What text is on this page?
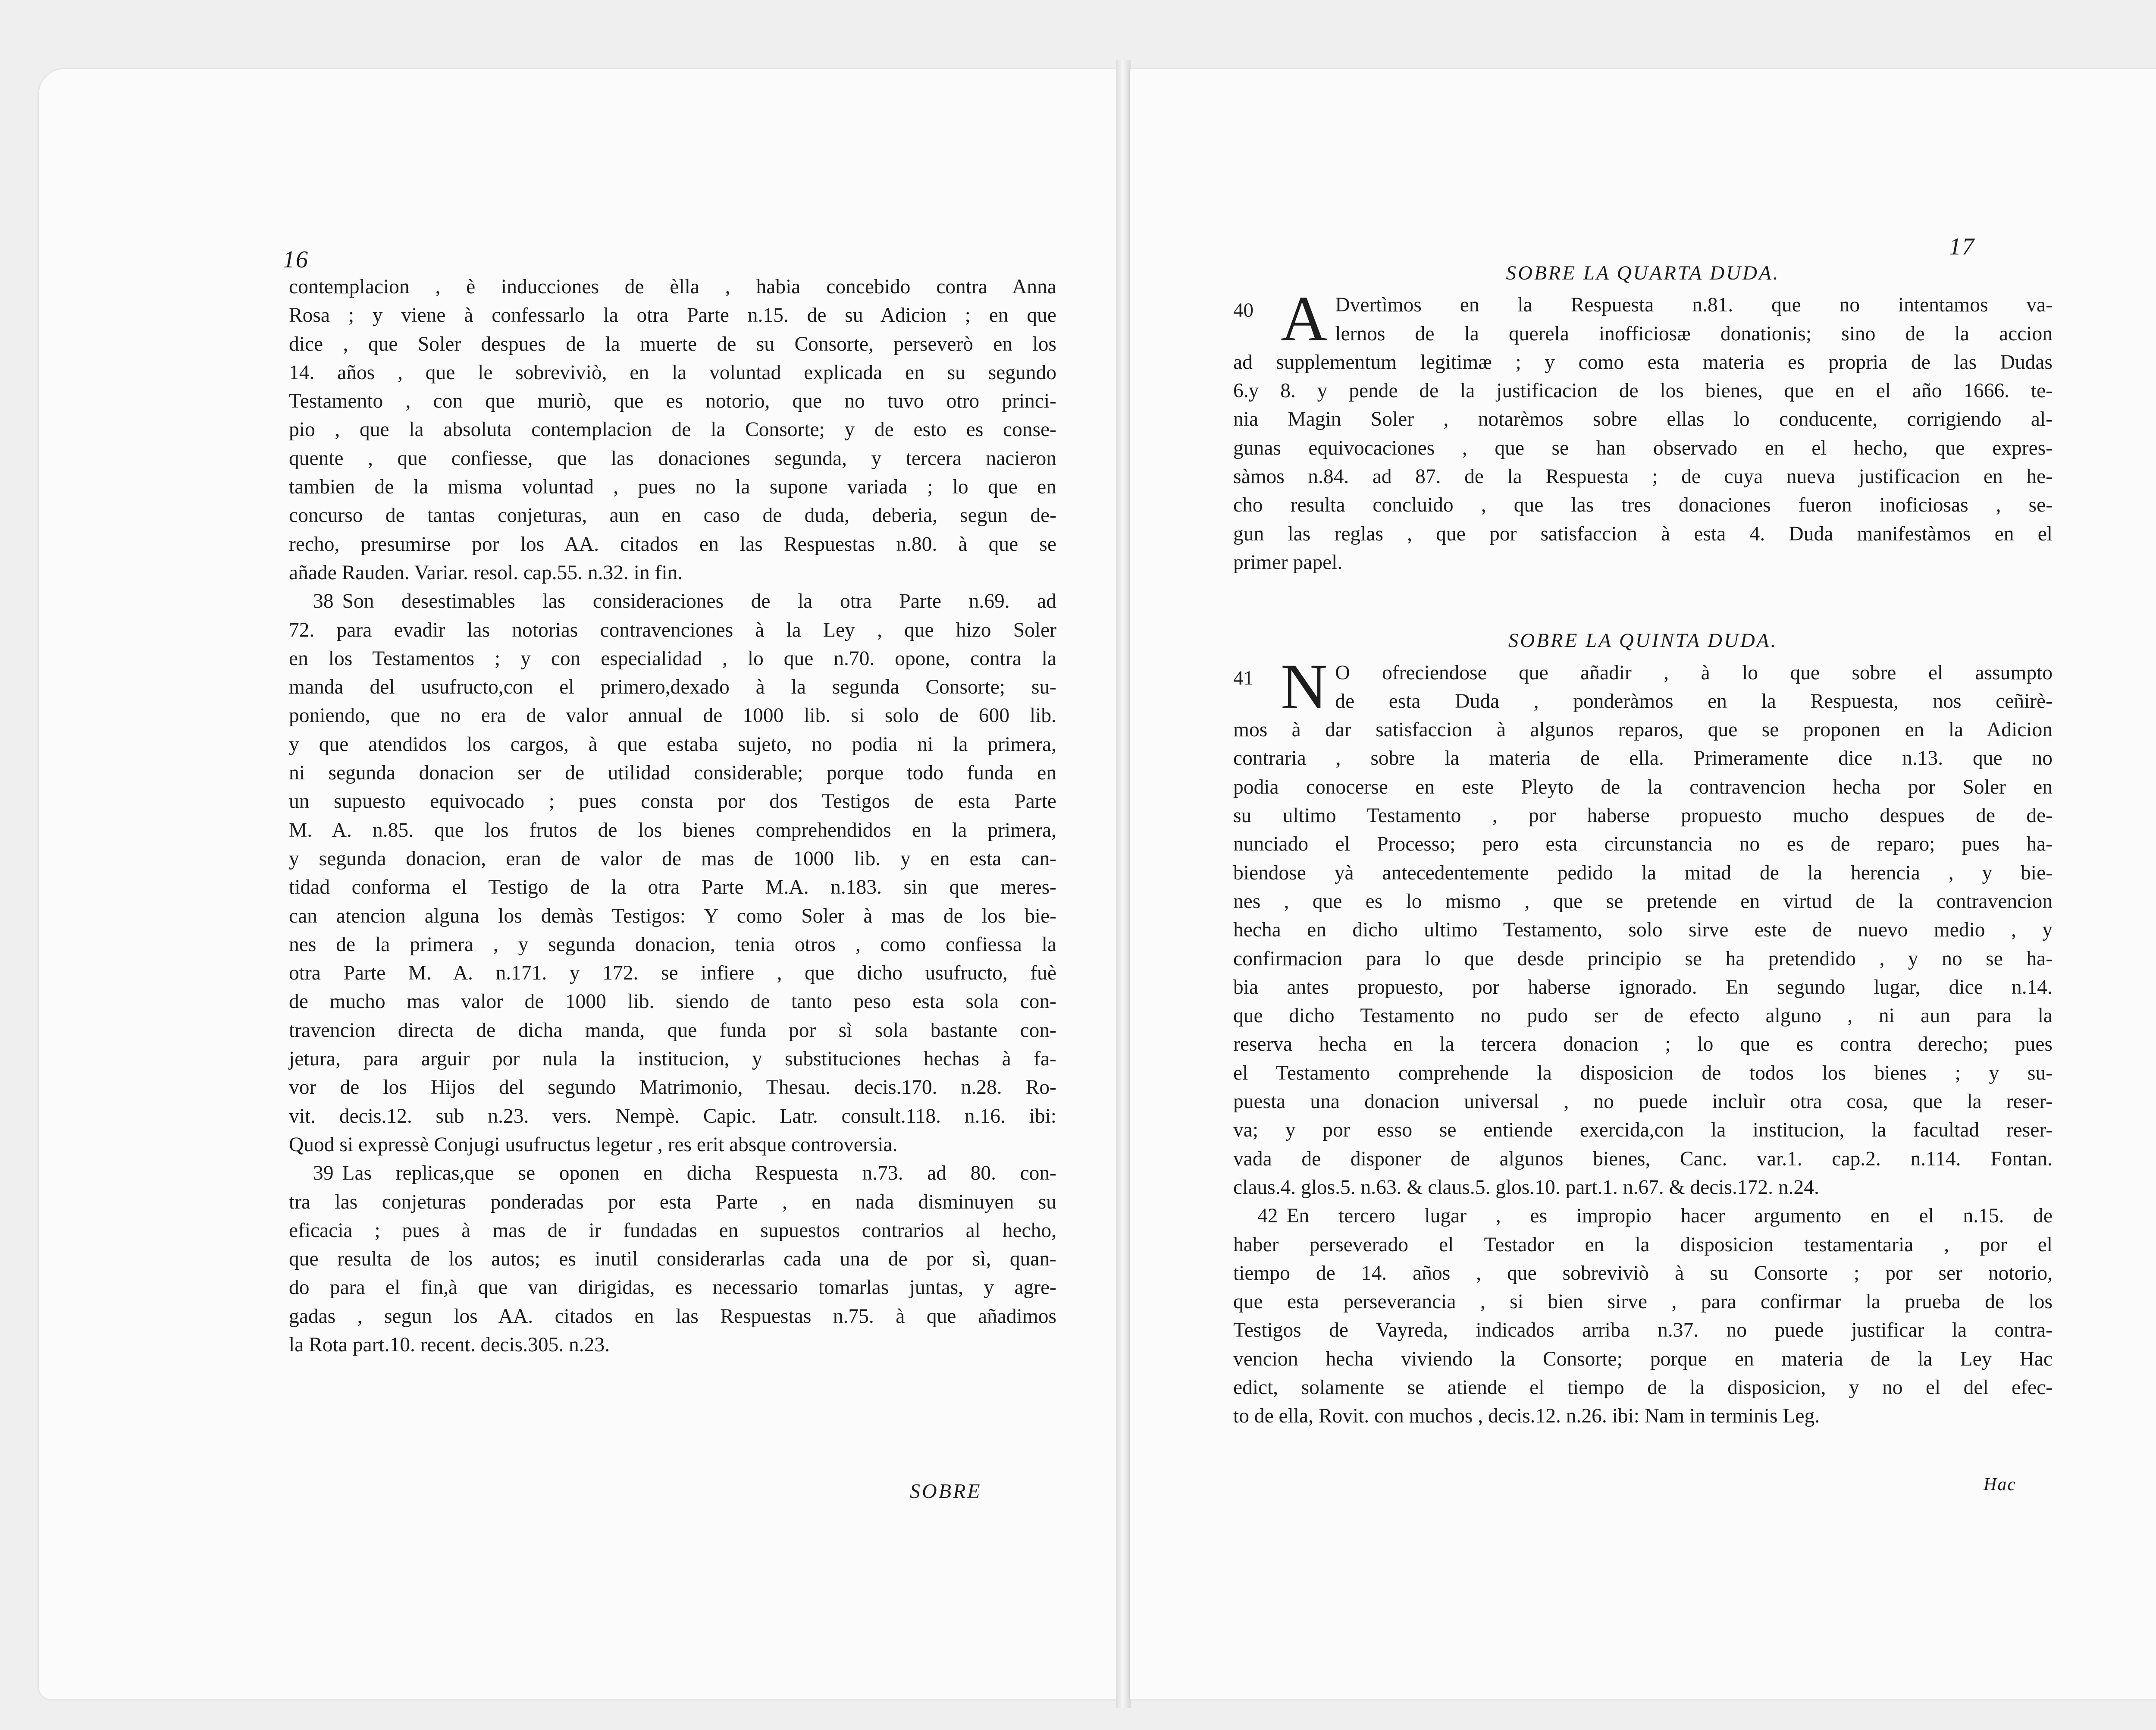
16
contemplacion , è inducciones de èlla , habia concebido contra Anna
Rosa ; y viene à confessarlo la otra Parte n.15. de su Adicion ; en que
dice , que Soler despues de la muerte de su Consorte, perseverò en los
14. años , que le sobreviviò, en la voluntad explicada en su segundo
Testamento , con que muriò, que es notorio, que no tuvo otro princi-
pio , que la absoluta contemplacion de la Consorte; y de esto es conse-
quente , que confiesse, que las donaciones segunda, y tercera nacieron
tambien de la misma voluntad , pues no la supone variada ; lo que en
concurso de tantas conjeturas, aun en caso de duda, deberia, segun de-
recho, presumirse por los AA. citados en las Respuestas n.80. à que se
añade Rauden. Variar. resol. cap.55. n.32. in fin.
38 Son desestimables las consideraciones de la otra Parte n.69. ad
72. para evadir las notorias contravenciones à la Ley , que hizo Soler
en los Testamentos ; y con especialidad , lo que n.70. opone, contra la
manda del usufructo,con el primero,dexado à la segunda Consorte; su-
poniendo, que no era de valor annual de 1000 lib. si solo de 600 lib.
y que atendidos los cargos, à que estaba sujeto, no podia ni la primera,
ni segunda donacion ser de utilidad considerable; porque todo funda en
un supuesto equivocado ; pues consta por dos Testigos de esta Parte
M. A. n.85. que los frutos de los bienes comprehendidos en la primera,
y segunda donacion, eran de valor de mas de 1000 lib. y en esta can-
tidad conforma el Testigo de la otra Parte M.A. n.183. sin que meres-
can atencion alguna los demàs Testigos: Y como Soler à mas de los bie-
nes de la primera , y segunda donacion, tenia otros , como confiessa la
otra Parte M. A. n.171. y 172. se infiere , que dicho usufructo, fuè
de mucho mas valor de 1000 lib. siendo de tanto peso esta sola con-
travencion directa de dicha manda, que funda por sì sola bastante con-
jetura, para arguir por nula la institucion, y substituciones hechas à fa-
vor de los Hijos del segundo Matrimonio, Thesau. decis.170. n.28. Ro-
vit. decis.12. sub n.23. vers. Nempè. Capic. Latr. consult.118. n.16. ibi:
Quod si expressè Conjugi usufructus legetur , res erit absque controversia.
39 Las replicas,que se oponen en dicha Respuesta n.73. ad 80. con-
tra las conjeturas ponderadas por esta Parte , en nada disminuyen su
eficacia ; pues à mas de ir fundadas en supuestos contrarios al hecho,
que resulta de los autos; es inutil considerarlas cada una de por sì, quan-
do para el fin,à que van dirigidas, es necessario tomarlas juntas, y agre-
gadas , segun los AA. citados en las Respuestas n.75. à que añadimos
la Rota part.10. recent. decis.305. n.23.
SOBRE
17

SOBRE LA QUARTA DUDA.

40 A Dvertìmos en la Respuesta n.81. que no intentamos va-
lernos de la querela inofficiosæ donationis; sino de la accion
ad supplementum legitimæ ; y como esta materia es propria de las Dudas
6.y 8. y pende de la justificacion de los bienes, que en el año 1666. te-
nia Magin Soler , notarèmos sobre ellas lo conducente, corrigiendo al-
gunas equivocaciones , que se han observado en el hecho, que expres-
sàmos n.84. ad 87. de la Respuesta ; de cuya nueva justificacion en he-
cho resulta concluido , que las tres donaciones fueron inoficiosas , se-
gun las reglas , que por satisfaccion à esta 4. Duda manifestàmos en el
primer papel.

SOBRE LA QUINTA DUDA.

41 N O ofreciendose que añadir , à lo que sobre el assumpto
de esta Duda , ponderàmos en la Respuesta, nos ceñirè-
mos à dar satisfaccion à algunos reparos, que se proponen en la Adicion
contraria , sobre la materia de ella. Primeramente dice n.13. que no
podia conocerse en este Pleyto de la contravencion hecha por Soler en
su ultimo Testamento , por haberse propuesto mucho despues de de-
nunciado el Processo; pero esta circunstancia no es de reparo; pues ha-
biendose yà antecedentemente pedido la mitad de la herencia , y bie-
nes , que es lo mismo , que se pretende en virtud de la contravencion
hecha en dicho ultimo Testamento, solo sirve este de nuevo medio , y
confirmacion para lo que desde principio se ha pretendido , y no se ha-
bia antes propuesto, por haberse ignorado. En segundo lugar, dice n.14.
que dicho Testamento no pudo ser de efecto alguno , ni aun para la
reserva hecha en la tercera donacion ; lo que es contra derecho; pues
el Testamento comprehende la disposicion de todos los bienes ; y su-
puesta una donacion universal , no puede incluìr otra cosa, que la reser-
va; y por esso se entiende exercida,con la institucion, la facultad reser-
vada de disponer de algunos bienes, Canc. var.1. cap.2. n.114. Fontan.
claus.4. glos.5. n.63. & claus.5. glos.10. part.1. n.67. & decis.172. n.24.
42 En tercero lugar , es impropio hacer argumento en el n.15. de
haber perseverado el Testador en la disposicion testamentaria , por el
tiempo de 14. años , que sobreviviò à su Consorte ; por ser notorio,
que esta perseverancia , si bien sirve , para confirmar la prueba de los
Testigos de Vayreda, indicados arriba n.37. no puede justificar la contra-
vencion hecha viviendo la Consorte; porque en materia de la Ley Hac
edict, solamente se atiende el tiempo de la disposicion, y no el del efec-
to de ella, Rovit. con muchos , decis.12. n.26. ibi: Nam in terminis Leg.
Hac
